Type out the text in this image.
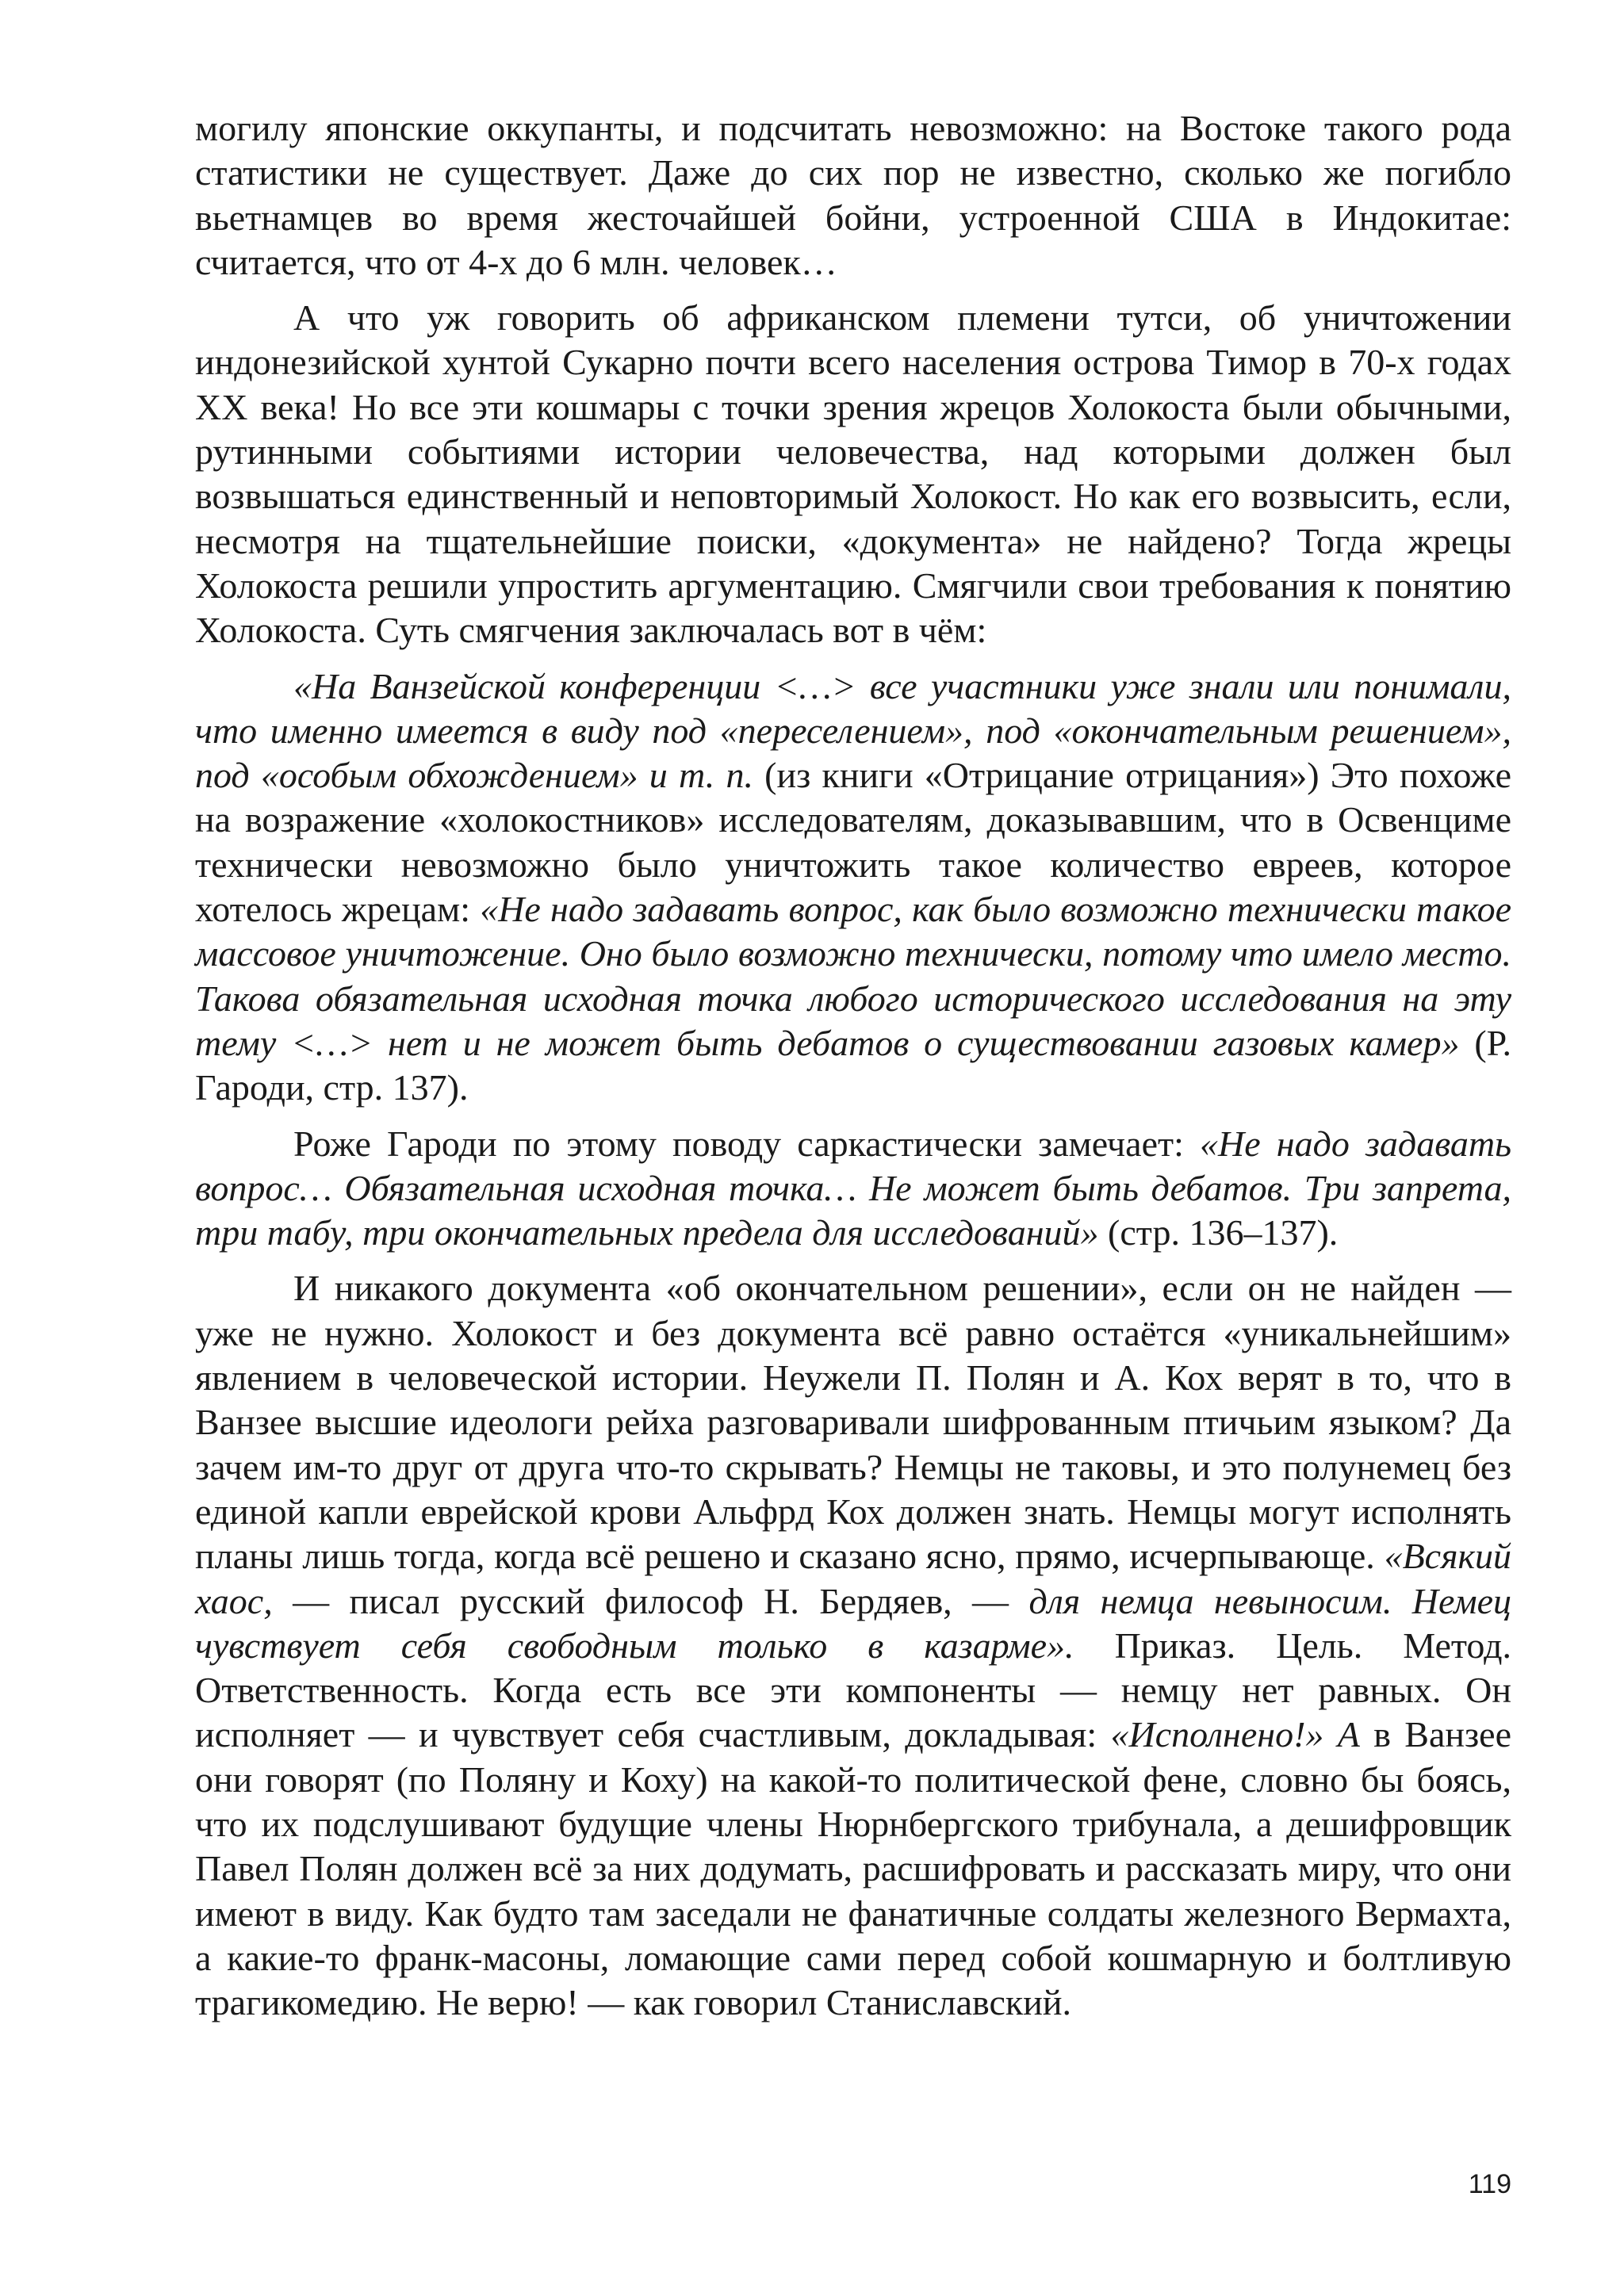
могилу японские оккупанты, и подсчитать невозможно: на Востоке такого рода статистики не существует. Даже до сих пор не известно, сколько же погибло вьетнамцев во время жесточайшей бойни, устроенной США в Индокитае: считается, что от 4-х до 6 млн. человек…

А что уж говорить об африканском племени тутси, об уничтожении индонезийской хунтой Сукарно почти всего населения острова Тимор в 70-х годах ХХ века! Но все эти кошмары с точки зрения жрецов Холокоста были обычными, рутинными событиями истории человечества, над которыми должен был возвышаться единственный и неповторимый Холокост. Но как его возвысить, если, несмотря на тщательнейшие поиски, «документа» не найдено? Тогда жрецы Холокоста решили упростить аргументацию. Смягчили свои требования к понятию Холокоста. Суть смягчения заключалась вот в чём:

«На Ванзейской конференции <…> все участники уже знали или понимали, что именно имеется в виду под «переселением», под «окончательным решением», под «особым обхождением» и т. п. (из книги «Отрицание отрицания») Это похоже на возражение «холокостников» исследователям, доказывавшим, что в Освенциме технически невозможно было уничтожить такое количество евреев, которое хотелось жрецам: «Не надо задавать вопрос, как было возможно технически такое массовое уничтожение. Оно было возможно технически, потому что имело место. Такова обязательная исходная точка любого исторического исследования на эту тему <…> нет и не может быть дебатов о существовании газовых камер» (Р. Гароди, стр. 137).

Роже Гароди по этому поводу саркастически замечает: «Не надо задавать вопрос… Обязательная исходная точка… Не может быть дебатов. Три запрета, три табу, три окончательных предела для исследований» (стр. 136–137).

И никакого документа «об окончательном решении», если он не найден — уже не нужно. Холокост и без документа всё равно остаётся «уникальнейшим» явлением в человеческой истории. Неужели П. Полян и А. Кох верят в то, что в Ванзее высшие идеологи рейха разговаривали шифрованным птичьим языком? Да зачем им-то друг от друга что-то скрывать? Немцы не таковы, и это полунемец без единой капли еврейской крови Альфрд Кох должен знать. Немцы могут исполнять планы лишь тогда, когда всё решено и сказано ясно, прямо, исчерпывающе. «Всякий хаос, — писал русский философ Н. Бердяев, — для немца невыносим. Немец чувствует себя свободным только в казарме». Приказ. Цель. Метод. Ответственность. Когда есть все эти компоненты — немцу нет равных. Он исполняет — и чувствует себя счастливым, докладывая: «Исполнено!» А в Ванзее они говорят (по Поляну и Коху) на какой-то политической фене, словно бы боясь, что их подслушивают будущие члены Нюрнбергского трибунала, а дешифровщик Павел Полян должен всё за них додумать, расшифровать и рассказать миру, что они имеют в виду. Как будто там заседали не фанатичные солдаты железного Вермахта, а какие-то франк-масоны, ломающие сами перед собой кошмарную и болтливую трагикомедию. Не верю! — как говорил Станиславский.

119
